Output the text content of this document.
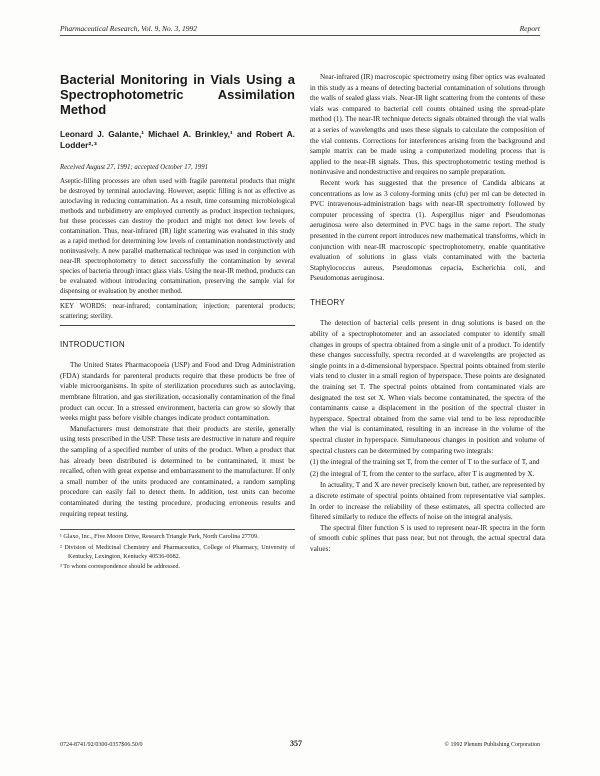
Pharmaceutical Research, Vol. 9, No. 3, 1992	Report
Bacterial Monitoring in Vials Using a Spectrophotometric Assimilation Method
Leonard J. Galante,¹ Michael A. Brinkley,¹ and Robert A. Lodder²·³
Received August 27, 1991; accepted October 17, 1991

Aseptic-filling processes are often used with fragile parenteral products that might be destroyed by terminal autoclaving. However, aseptic filling is not as effective as autoclaving in reducing contamination. As a result, time consuming microbiological methods and turbidimetry are employed currently as product inspection techniques, but these processes can destroy the product and might not detect low levels of contamination. Thus, near-infrared (IR) light scattering was evaluated in this study as a rapid method for determining low levels of contamination nondestructively and noninvasively. A new parallel mathematical technique was used in conjunction with near-IR spectrophotometry to detect successfully the contamination by several species of bacteria through intact glass vials. Using the near-IR method, products can be evaluated without introducing contamination, preserving the sample vial for dispensing or evaluation by another method.

KEY WORDS: near-infrared; contamination; injection; parenteral products; scattering; sterility.

INTRODUCTION

The United States Pharmacopoeia (USP) and Food and Drug Administration (FDA) standards for parenteral products require that these products be free of viable microorganisms. In spite of sterilization procedures such as autoclaving, membrane filtration, and gas sterilization, occasionally contamination of the final product can occur. In a stressed environment, bacteria can grow so slowly that weeks might pass before visible changes indicate product contamination.

Manufacturers must demonstrate that their products are sterile, generally using tests prescribed in the USP. These tests are destructive in nature and require the sampling of a specified number of units of the product. When a product that has already been distributed is determined to be contaminated, it must be recalled, often with great expense and embarrassment to the manufacturer. If only a small number of the units produced are contaminated, a random sampling procedure can easily fail to detect them. In addition, test units can become contaminated during the testing procedure, producing erroneous results and requiring repeat testing.

¹ Glaxo, Inc., Five Moore Drive, Research Triangle Park, North Carolina 27709.
² Division of Medicinal Chemistry and Pharmaceutics, College of Pharmacy, University of Kentucky, Lexington, Kentucky 40536-0082.
³ To whom correspondence should be addressed.

Near-infrared (IR) macroscopic spectrometry using fiber optics was evaluated in this study as a means of detecting bacterial contamination of solutions through the walls of sealed glass vials. Near-IR light scattering from the contents of these vials was compared to bacterial cell counts obtained using the spread-plate method (1). The near-IR technique detects signals obtained through the vial walls at a series of wavelengths and uses these signals to calculate the composition of the vial contents. Corrections for interferences arising from the background and sample matrix can be made using a computerized modeling process that is applied to the near-IR signals. Thus, this spectrophotometric testing method is noninvasive and nondestructive and requires no sample preparation.

Recent work has suggested that the presence of Candida albicans at concentrations as low as 3 colony-forming units (cfu) per ml can be detected in PVC intravenous-administration bags with near-IR spectrometry followed by computer processing of spectra (1). Aspergillus niger and Pseudomonas aeruginosa were also determined in PVC bags in the same report. The study presented in the current report introduces new mathematical transforms, which in conjunction with near-IR macroscopic spectrophotometry, enable quantitative evaluation of solutions in glass vials contaminated with the bacteria Staphylococcus aureus, Pseudomonas cepacia, Escherichia coli, and Pseudomonas aeruginosa.

THEORY

The detection of bacterial cells present in drug solutions is based on the ability of a spectrophotometer and an associated computer to identify small changes in groups of spectra obtained from a single unit of a product. To identify these changes successfully, spectra recorded at d wavelengths are projected as single points in a d-dimensional hyperspace. Spectral points obtained from sterile vials tend to cluster in a small region of hyperspace. These points are designated the training set T. The spectral points obtained from contaminated vials are designated the test set X. When vials become contaminated, the spectra of the contaminants cause a displacement in the position of the spectral cluster in hyperspace. Spectral obtained from the same vial tend to be less reproducible when the vial is contaminated, resulting in an increase in the volume of the spectral cluster in hyperspace. Simultaneous changes in position and volume of spectral clusters can be determined by comparing two integrals:

(1) the integral of the training set T, from the center of T to the surface of T, and
(2) the integral of T, from the center to the surface, after T is augmented by X.

In actuality, T and X are never precisely known but, rather, are represented by a discrete estimate of spectral points obtained from representative vial samples. In order to increase the reliability of these estimates, all spectra collected are filtered similarly to reduce the effects of noise on the integral analysis.

The spectral filter function S is used to represent near-IR spectra in the form of smooth cubic splines that pass near, but not through, the actual spectral data values:

357
0724-8741/92/0300-0357$06.50/0	© 1992 Plenum Publishing Corporation
